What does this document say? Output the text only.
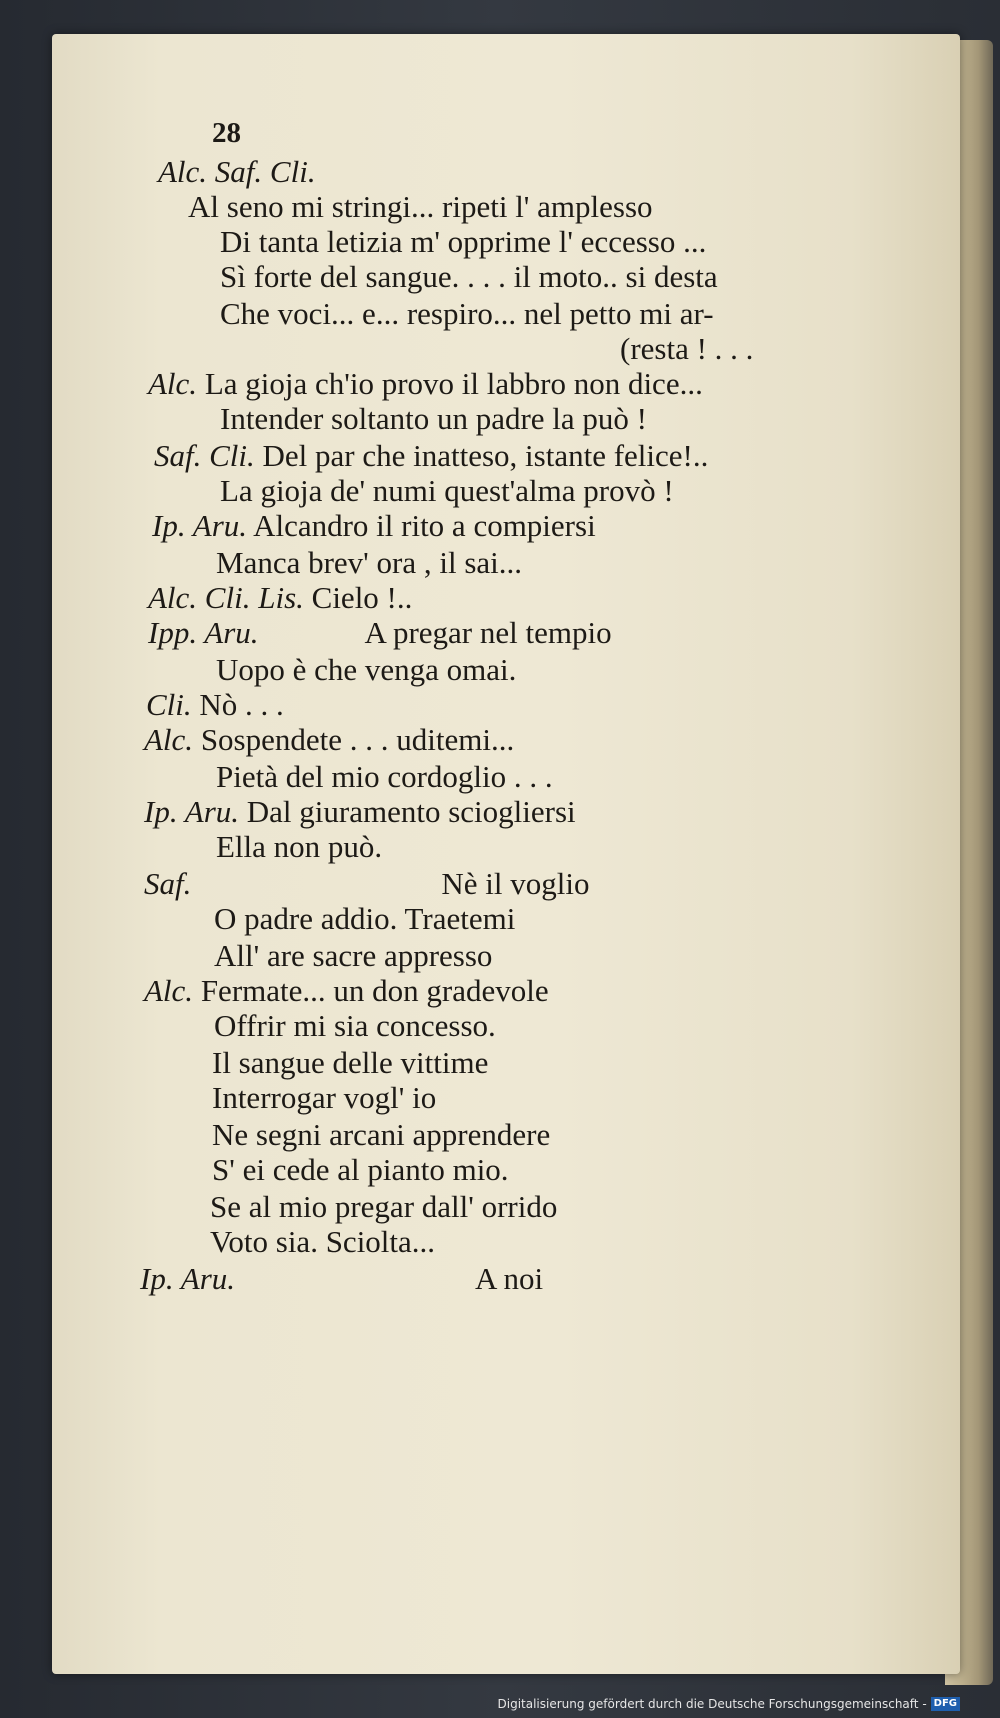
28
Alc. Saf. Cli.
Al seno mi stringi... ripeti l' amplesso
Di tanta letizia m' opprime l' eccesso ...
Sì forte del sangue. . . . il moto.. si desta
Che voci... e... respiro... nel petto mi ar-
(resta ! . . .
Alc. La gioja ch'io provo il labbro non dice...
Intender soltanto un padre la può !
Saf. Cli. Del par che inatteso, istante felice!..
La gioja de' numi quest'alma provò !
Ip. Aru. Alcandro il rito a compiersi
Manca brev' ora , il sai...
Alc. Cli. Lis. Cielo !..
Ipp. Aru.	A pregar nel tempio
Uopo è che venga omai.
Cli. Nò . . .
Alc. Sospendete . . . uditemi...
Pietà del mio cordoglio . . .
Ip. Aru. Dal giuramento sciogliersi
Ella non può.
Saf.	Nè il voglio
O padre addio. Traetemi
All' are sacre appresso
Alc. Fermate... un don gradevole
Offrir mi sia concesso.
Il sangue delle vittime
Interrogar vogl' io
Ne segni arcani apprendere
S' ei cede al pianto mio.
Se al mio pregar dall' orrido
Voto sia. Sciolta...
Ip. Aru.	A noi
Digitalisierung gefördert durch die Deutsche Forschungsgemeinschaft - DFG
